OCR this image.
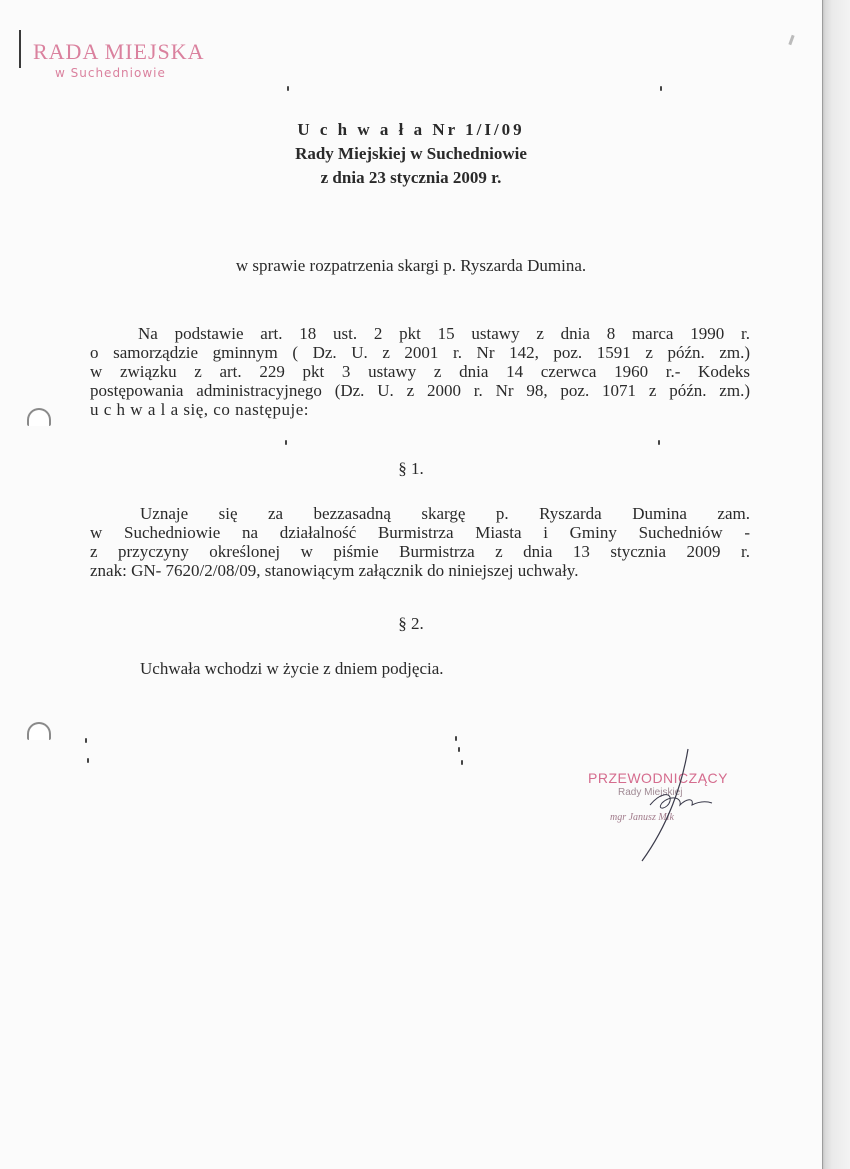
RADA MIEJSKA
w Suchedniowie
U c h w a ł a Nr 1/I/09
Rady Miejskiej w Suchedniowie
z dnia 23 stycznia 2009 r.
w sprawie rozpatrzenia skargi p. Ryszarda Dumina.
Na podstawie art. 18 ust. 2 pkt 15 ustawy z dnia 8 marca 1990 r.
o samorządzie gminnym ( Dz. U. z 2001 r. Nr 142, poz. 1591 z późn. zm.)
w związku z art. 229 pkt 3 ustawy z dnia 14 czerwca 1960 r.- Kodeks
postępowania administracyjnego (Dz. U. z 2000 r. Nr 98, poz. 1071 z późn. zm.)
u c h w a l a się, co następuje:
§ 1.
Uznaje się za bezzasadną skargę p. Ryszarda Dumina zam.
w Suchedniowie na działalność Burmistrza Miasta i Gminy Suchedniów -
z przyczyny określonej w piśmie Burmistrza z dnia 13 stycznia 2009 r.
znak: GN- 7620/2/08/09, stanowiącym załącznik do niniejszej uchwały.
§ 2.
Uchwała wchodzi w życie z dniem podjęcia.
PRZEWODNICZĄCY
Rady Miejskiej
mgr Janusz Mik
